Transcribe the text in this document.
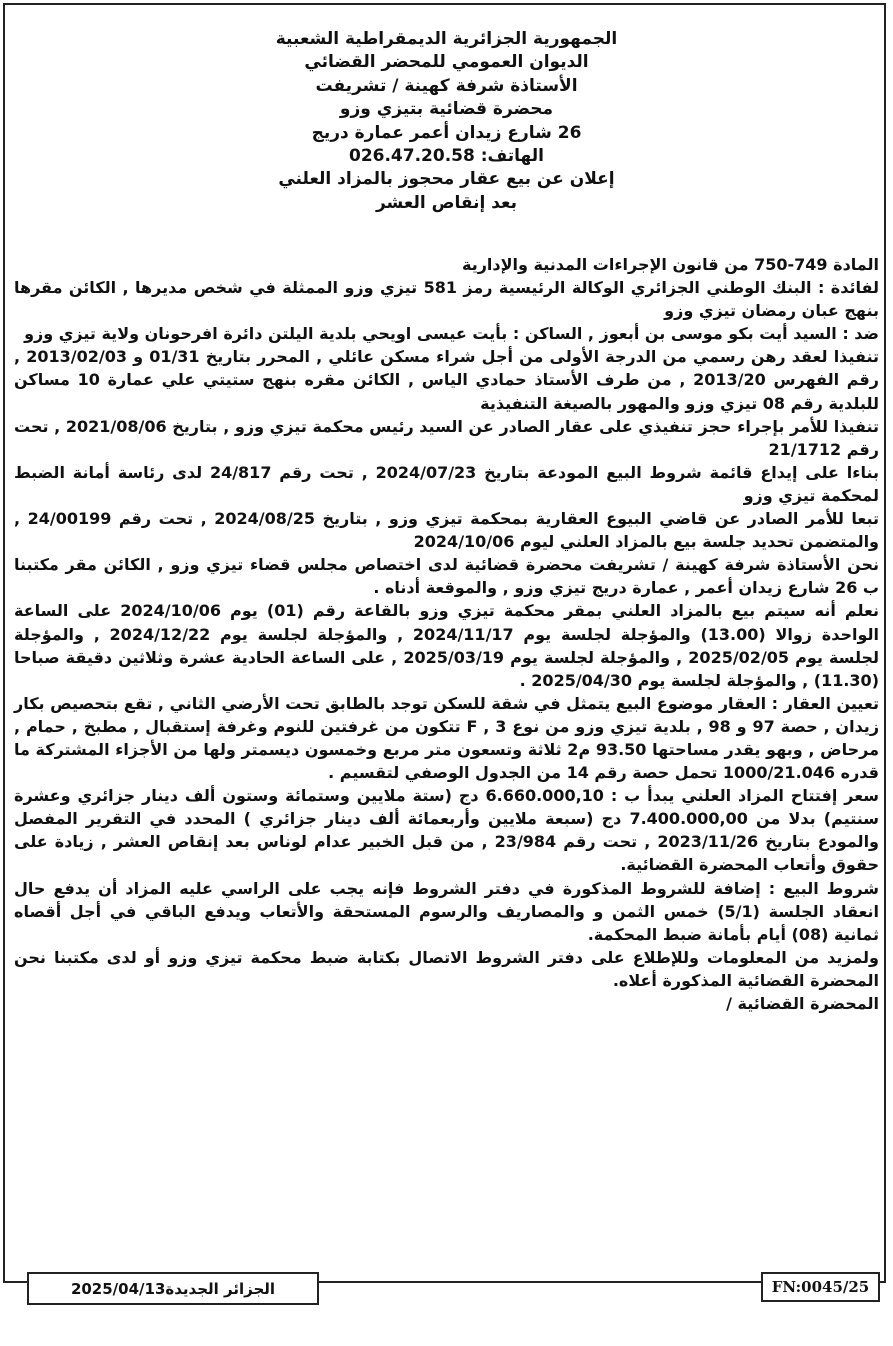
الجمهورية الجزائرية الديمقراطية الشعبية
الديوان العمومي للمحضر القضائي
الأستاذة شرفة كهينة / تشريفت
محضرة قضائية بتيزي وزو
26 شارع زيدان أعمر عمارة دريج
الهاتف: 026.47.20.58
إعلان عن بيع عقار محجوز بالمزاد العلني
بعد إنقاص العشر

المادة 749-750 من قانون الإجراءات المدنية والإدارية

لفائدة : البنك الوطني الجزائري الوكالة الرئيسية رمز 581 تيزي وزو الممثلة في شخص مديرها , الكائن مقرها بنهج عبان رمضان تيزي وزو

ضد : السيد أيت بكو موسى بن أبعوز , الساكن : بأيت عيسى اويحي بلدية اليلتن دائرة افرحونان ولاية تيزي وزو

تنفيذا لعقد رهن رسمي من الدرجة الأولى من أجل شراء مسكن عائلي , المحرر بتاريخ 01/31 و 2013/02/03 , رقم الفهرس 2013/20 , من طرف الأستاذ حمادي الياس , الكائن مقره بنهج ستيتي علي عمارة 10 مساكن للبلدية رقم 08 تيزي وزو والمهور بالصيغة التنفيذية

تنفيذا للأمر بإجراء حجز تنفيذي على عقار الصادر عن السيد رئيس محكمة تيزي وزو , بتاريخ 2021/08/06 , تحت رقم 21/1712

بناءا على إيداع قائمة شروط البيع المودعة بتاريخ 2024/07/23 , تحت رقم 24/817 لدى رئاسة أمانة الضبط لمحكمة تيزي وزو

تبعا للأمر الصادر عن قاضي البيوع العقارية بمحكمة تيزي وزو , بتاريخ 2024/08/25 , تحت رقم 24/00199 , والمتضمن تحديد جلسة بيع بالمزاد العلني ليوم 2024/10/06

نحن الأستاذة شرفة كهينة / تشريفت محضرة قضائية لدى اختصاص مجلس قضاء تيزي وزو , الكائن مقر مكتبنا ب 26 شارع زيدان أعمر , عمارة دريج تيزي وزو , والموقعة أدناه .

نعلم أنه سيتم بيع بالمزاد العلني بمقر محكمة تيزي وزو بالقاعة رقم (01) يوم 2024/10/06 على الساعة الواحدة زوالا (13.00) والمؤجلة لجلسة يوم 2024/11/17 , والمؤجلة لجلسة يوم 2024/12/22 , والمؤجلة لجلسة يوم 2025/02/05 , والمؤجلة لجلسة يوم 2025/03/19 , على الساعة الحادية عشرة وثلاثين دقيقة صباحا (11.30) , والمؤجلة لجلسة يوم 2025/04/30 .

تعيين العقار : العقار موضوع البيع يتمثل في شقة للسكن توجد بالطابق تحت الأرضي الثاني , تقع بتحصيص بكار زيدان , حصة 97 و 98 , بلدية تيزي وزو من نوع 3 , F تتكون من غرفتين للنوم وغرفة إستقبال , مطبخ , حمام , مرحاض , وبهو يقدر مساحتها 93.50 م2 ثلاثة وتسعون متر مربع وخمسون ديسمتر ولها من الأجزاء المشتركة ما قدره 1000/21.046 تحمل حصة رقم 14 من الجدول الوصفي لتقسيم .

سعر إفتتاح المزاد العلني يبدأ ب : 6.660.000,10 دج (ستة ملايين وستمائة وستون ألف دينار جزائري وعشرة سنتيم) بدلا من 7.400.000,00 دج (سبعة ملايين وأربعمائة ألف دينار جزائري ) المحدد في التقرير المفصل والمودع بتاريخ 2023/11/26 , تحت رقم 23/984 , من قبل الخبير عدام لوناس بعد إنقاص العشر , زيادة على حقوق وأتعاب المحضرة القضائية.

شروط البيع : إضافة للشروط المذكورة في دفتر الشروط فإنه يجب على الراسي عليه المزاد أن يدفع حال انعقاد الجلسة (5/1) خمس الثمن و والمصاريف والرسوم المستحقة والأتعاب ويدفع الباقي في أجل أقصاه ثمانية (08) أيام بأمانة ضبط المحكمة.

ولمزيد من المعلومات وللإطلاع على دفتر الشروط الاتصال بكتابة ضبط محكمة تيزي وزو أو لدى مكتبنا نحن المحضرة القضائية المذكورة أعلاه.

المحضرة القضائية /

الجزائر الجديدة2025/04/13	FN:0045/25
